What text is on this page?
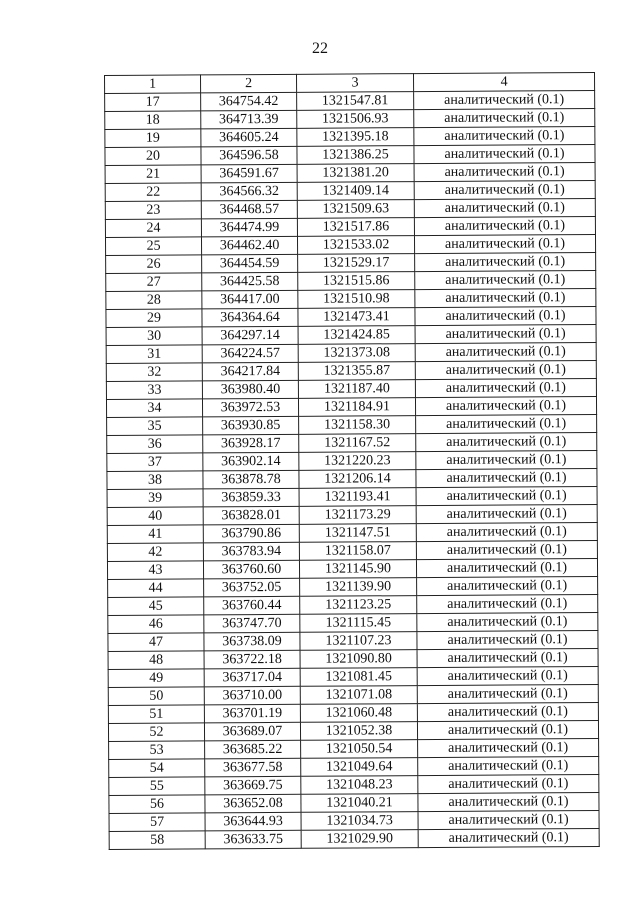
22
1	2	3	4
17	364754.42	1321547.81	аналитический (0.1)
18	364713.39	1321506.93	аналитический (0.1)
19	364605.24	1321395.18	аналитический (0.1)
20	364596.58	1321386.25	аналитический (0.1)
21	364591.67	1321381.20	аналитический (0.1)
22	364566.32	1321409.14	аналитический (0.1)
23	364468.57	1321509.63	аналитический (0.1)
24	364474.99	1321517.86	аналитический (0.1)
25	364462.40	1321533.02	аналитический (0.1)
26	364454.59	1321529.17	аналитический (0.1)
27	364425.58	1321515.86	аналитический (0.1)
28	364417.00	1321510.98	аналитический (0.1)
29	364364.64	1321473.41	аналитический (0.1)
30	364297.14	1321424.85	аналитический (0.1)
31	364224.57	1321373.08	аналитический (0.1)
32	364217.84	1321355.87	аналитический (0.1)
33	363980.40	1321187.40	аналитический (0.1)
34	363972.53	1321184.91	аналитический (0.1)
35	363930.85	1321158.30	аналитический (0.1)
36	363928.17	1321167.52	аналитический (0.1)
37	363902.14	1321220.23	аналитический (0.1)
38	363878.78	1321206.14	аналитический (0.1)
39	363859.33	1321193.41	аналитический (0.1)
40	363828.01	1321173.29	аналитический (0.1)
41	363790.86	1321147.51	аналитический (0.1)
42	363783.94	1321158.07	аналитический (0.1)
43	363760.60	1321145.90	аналитический (0.1)
44	363752.05	1321139.90	аналитический (0.1)
45	363760.44	1321123.25	аналитический (0.1)
46	363747.70	1321115.45	аналитический (0.1)
47	363738.09	1321107.23	аналитический (0.1)
48	363722.18	1321090.80	аналитический (0.1)
49	363717.04	1321081.45	аналитический (0.1)
50	363710.00	1321071.08	аналитический (0.1)
51	363701.19	1321060.48	аналитический (0.1)
52	363689.07	1321052.38	аналитический (0.1)
53	363685.22	1321050.54	аналитический (0.1)
54	363677.58	1321049.64	аналитический (0.1)
55	363669.75	1321048.23	аналитический (0.1)
56	363652.08	1321040.21	аналитический (0.1)
57	363644.93	1321034.73	аналитический (0.1)
58	363633.75	1321029.90	аналитический (0.1)
